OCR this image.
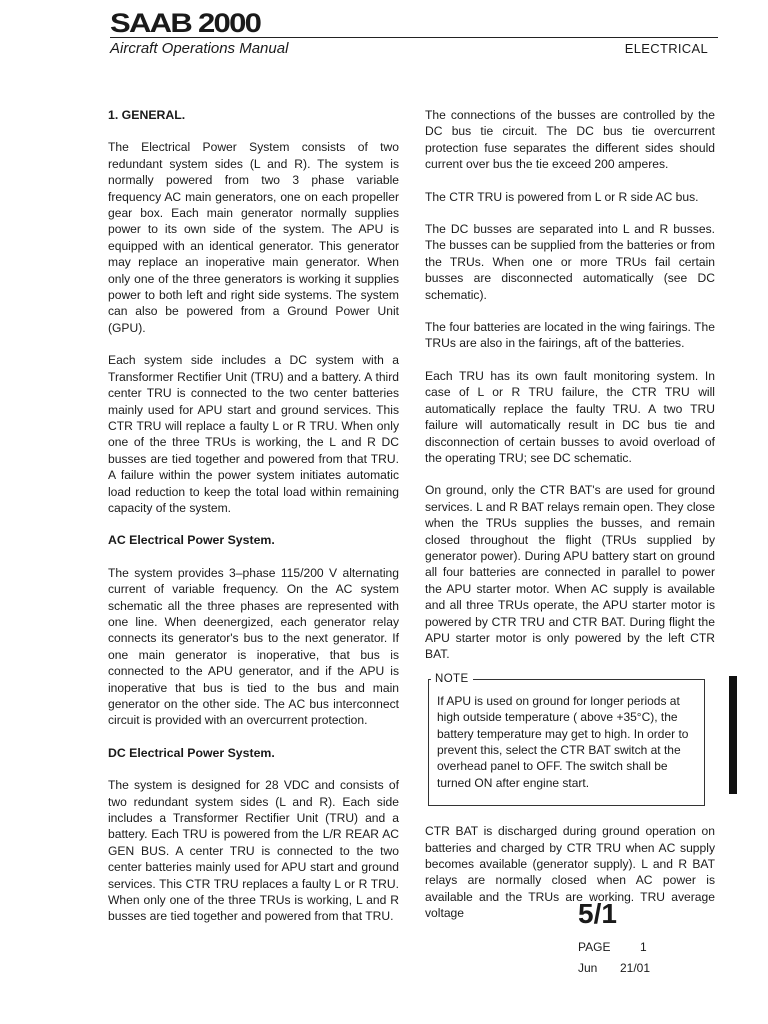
SAAB 2000
Aircraft Operations Manual	ELECTRICAL
1. GENERAL.

The Electrical Power System consists of two redundant system sides (L and R). The system is normally powered from two 3 phase variable frequency AC main generators, one on each propeller gear box. Each main generator normally supplies power to its own side of the system. The APU is equipped with an identical generator. This generator may replace an inoperative main generator. When only one of the three generators is working it supplies power to both left and right side systems. The system can also be powered from a Ground Power Unit (GPU).

Each system side includes a DC system with a Transformer Rectifier Unit (TRU) and a battery. A third center TRU is connected to the two center batteries mainly used for APU start and ground services. This CTR TRU will replace a faulty L or R TRU. When only one of the three TRUs is working, the L and R DC busses are tied together and powered from that TRU. A failure within the power system initiates automatic load reduction to keep the total load within remaining capacity of the system.

AC Electrical Power System.

The system provides 3–phase 115/200 V alternating current of variable frequency. On the AC system schematic all the three phases are represented with one line. When deenergized, each generator relay connects its generator's bus to the next generator. If one main generator is inoperative, that bus is connected to the APU generator, and if the APU is inoperative that bus is tied to the bus and main generator on the other side. The AC bus interconnect circuit is provided with an overcurrent protection.

DC Electrical Power System.

The system is designed for 28 VDC and consists of two redundant system sides (L and R). Each side includes a Transformer Rectifier Unit (TRU) and a battery. Each TRU is powered from the L/R REAR AC GEN BUS. A center TRU is connected to the two center batteries mainly used for APU start and ground services. This CTR TRU replaces a faulty L or R TRU. When only one of the three TRUs is working, L and R busses are tied together and powered from that TRU.

The connections of the busses are controlled by the DC bus tie circuit. The DC bus tie overcurrent protection fuse separates the different sides should current over bus the tie exceed 200 amperes.

The CTR TRU is powered from L or R side AC bus.

The DC busses are separated into L and R busses. The busses can be supplied from the batteries or from the TRUs. When one or more TRUs fail certain busses are disconnected automatically (see DC schematic).

The four batteries are located in the wing fairings. The TRUs are also in the fairings, aft of the batteries.

Each TRU has its own fault monitoring system. In case of L or R TRU failure, the CTR TRU will automatically replace the faulty TRU. A two TRU failure will automatically result in DC bus tie and disconnection of certain busses to avoid overload of the operating TRU; see DC schematic.

On ground, only the CTR BAT's are used for ground services. L and R BAT relays remain open. They close when the TRUs supplies the busses, and remain closed throughout the flight (TRUs supplied by generator power). During APU battery start on ground all four batteries are connected in parallel to power the APU starter motor. When AC supply is available and all three TRUs operate, the APU starter motor is powered by CTR TRU and CTR BAT. During flight the APU starter motor is only powered by the left CTR BAT.

NOTE

If APU is used on ground for longer periods at high outside temperature ( above +35°C), the battery temperature may get to high. In order to prevent this, select the CTR BAT switch at the overhead panel to OFF. The switch shall be turned ON after engine start.

CTR BAT is discharged during ground operation on batteries and charged by CTR TRU when AC supply becomes available (generator supply). L and R BAT relays are normally closed when AC power is available and the TRUs are working. TRU average voltage	5/1
PAGE 1
Jun 21/01
